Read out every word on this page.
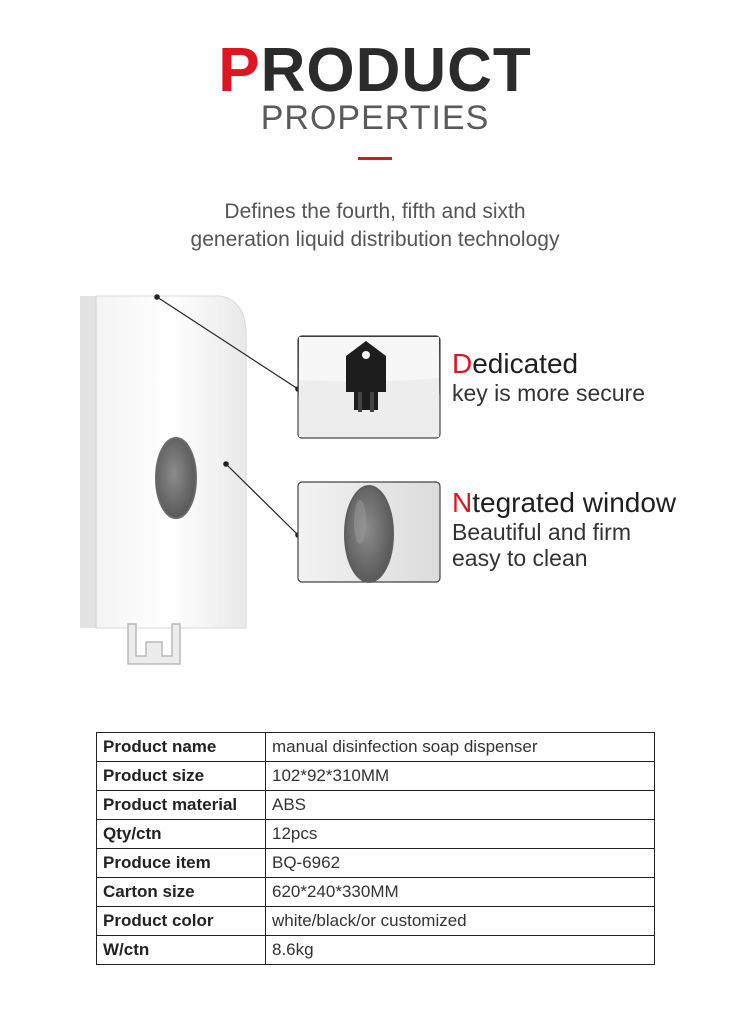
PRODUCT
PROPERTIES
Defines the fourth, fifth and sixth
generation liquid distribution technology
Dedicated
key is more secure
Ntegrated window
Beautiful and firm
easy to clean
Product name	manual disinfection soap dispenser
Product size	102*92*310MM
Product material	ABS
Qty/ctn	12pcs
Produce item	BQ-6962
Carton size	620*240*330MM
Product color	white/black/or customized
W/ctn	8.6kg
